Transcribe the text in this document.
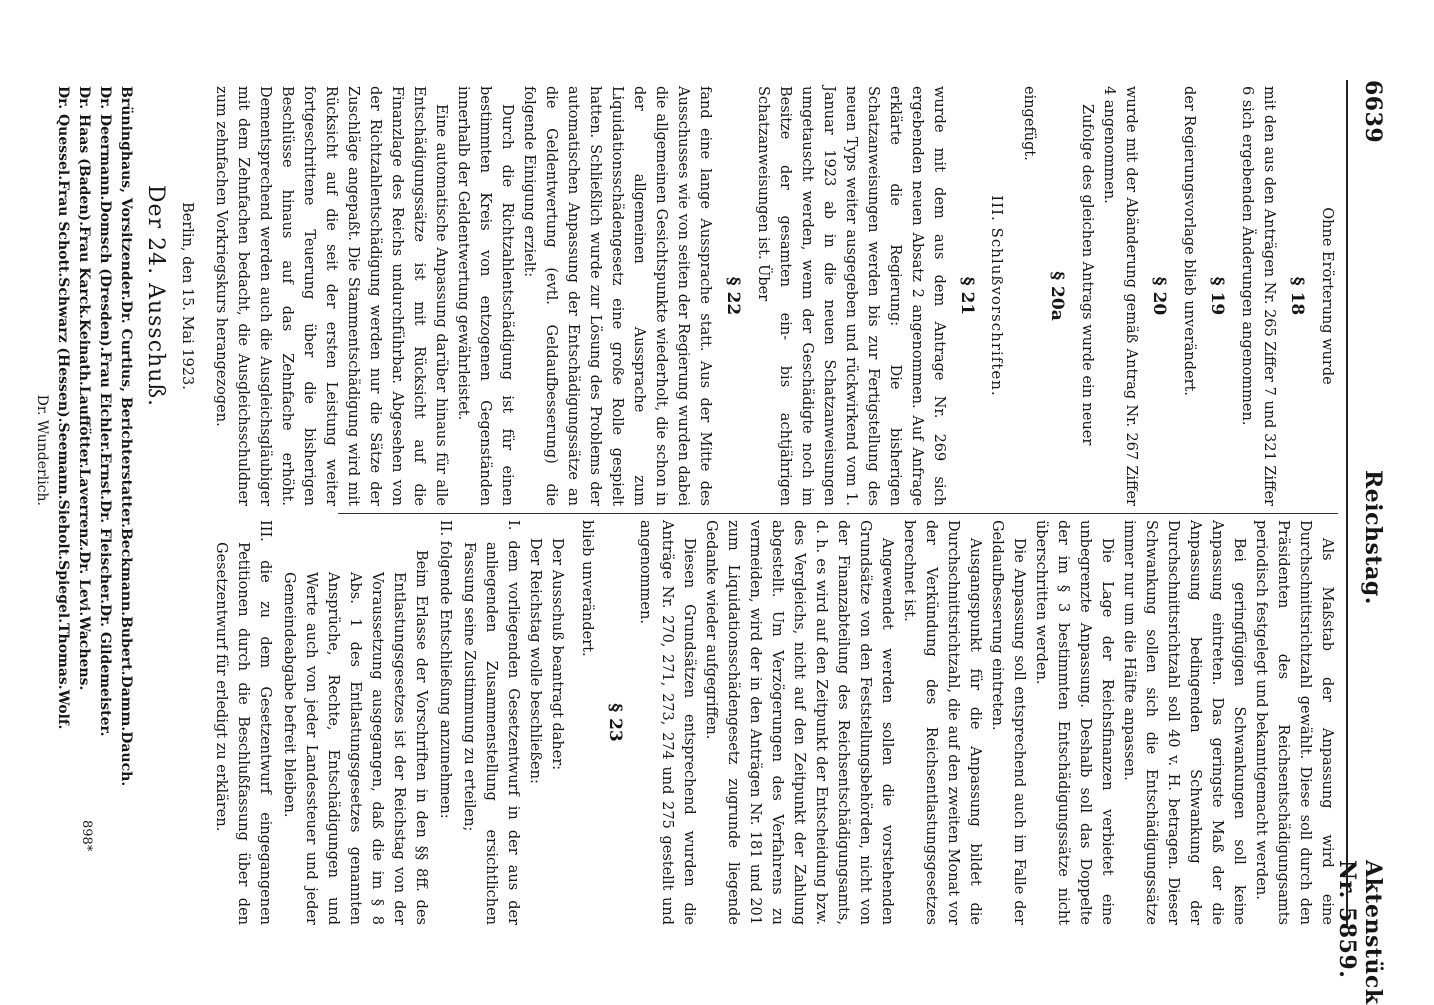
6639
Reichstag.
Aktenstück Nr. 5859.

Ohne Erörterung wurde

§ 18

mit den aus den Anträgen Nr. 265 Ziffer 7 und 321 Ziffer 6 sich ergebenden Änderungen angenommen.

§ 19

der Regierungsvorlage blieb unverändert.

§ 20

wurde mit der Abänderung gemäß Antrag Nr. 267 Ziffer 4 angenommen.

Zufolge des gleichen Antrags wurde ein neuer

§ 20a

eingefügt.

III. Schlußvorschriften.
§ 21

wurde mit dem aus dem Antrage Nr. 269 sich ergebenden neuen Absatz 2 angenommen. Auf Anfrage erklärte die Regierung: Die bisherigen Schatzanweisungen werden bis zur Fertigstellung des neuen Typs weiter ausgegeben und rückwirkend vom 1. Januar 1923 ab in die neuen Schatzanweisungen umgetauscht werden, wenn der Geschädigte noch im Besitze der gesamten ein- bis achtjährigen Schatzanweisungen ist. Über

§ 22

fand eine lange Aussprache statt. Aus der Mitte des Ausschusses wie von seiten der Regierung wurden dabei die allgemeinen Gesichtspunkte wiederholt, die schon in der allgemeinen Aussprache zum Liquidationsschädengesetz eine große Rolle gespielt hatten. Schließlich wurde zur Lösung des Problems der automatischen Anpassung der Entschädigungssätze an die Geldentwertung (evtl. Geldaufbesserung) die folgende Einigung erzielt:

Durch die Richtzahlentschädigung ist für einen bestimmten Kreis von entzogenen Gegenständen innerhalb der Geldentwertung gewährleistet.

Eine automatische Anpassung darüber hinaus für alle Entschädigungssätze ist mit Rücksicht auf die Finanzlage des Reichs undurchführbar. Abgesehen von der Richtzahlentschädigung werden nur die Sätze der Zuschläge angepaßt. Die Stammentschädigung wird mit Rücksicht auf die seit der ersten Leistung weiter fortgeschrittene Teuerung über die bisherigen Beschlüsse hinaus auf das Zehnfache erhöht. Dementsprechend werden auch die Ausgleichsgläubiger mit dem Zehnfachen bedacht, die Ausgleichsschuldner zum zehnfachen Vorkriegskurs herangezogen.

Berlin, den 15. Mai 1923.
Der 24. Ausschuß.
Brüninghaus, Vorsitzender.
Dr. Curtius, Berichterstatter.
Beckmann.
Bubert.
Damm.
Dauch.
Dr. Deermann.
Domsch (Dresden).
Frau Eichler.
Ernst.
Dr. Fleischer.
Dr. Gildemeister.
Dr. Haas (Baden).
Frau Karck.
Keinath.
Lauffötter.
Laverrenz.
Dr. Levi.
Wachens.
Dr. Quessel.
Frau Schott.
Schwarz (Hessen).
Seemann.
Sieholt.
Spiegel.
Thomas.
Wolf.
Dr. Wunderlich.

Als Maßstab der Anpassung wird eine Durchschnittsrichtzahl gewählt. Diese soll durch den Präsidenten des Reichsentschädigungsamts periodisch festgelegt und bekanntgemacht werden.

Bei geringfügigen Schwankungen soll keine Anpassung eintreten. Das geringste Maß der die Anpassung bedingenden Schwankung der Durchschnittsrichtzahl soll 40 v. H. betragen. Dieser Schwankung sollen sich die Entschädigungssätze immer nur um die Hälfte anpassen.

Die Lage der Reichsfinanzen verbietet eine unbegrenzte Anpassung. Deshalb soll das Doppelte der im § 3 bestimmten Entschädigungssätze nicht überschritten werden.

Die Anpassung soll entsprechend auch im Falle der Geldaufbesserung eintreten.

Ausgangspunkt für die Anpassung bildet die Durchschnittsrichtzahl, die auf den zweiten Monat vor der Verkündung des Reichsentlastungsgesetzes berechnet ist.

Angewendet werden sollen die vorstehenden Grundsätze von den Feststellungsbehörden, nicht von der Finanzabteilung des Reichsentschädigungsamts, d. h. es wird auf den Zeitpunkt der Entscheidung bzw. des Vergleichs, nicht auf den Zeitpunkt der Zahlung abgestellt. Um Verzögerungen des Verfahrens zu vermeiden, wird der in den Anträgen Nr. 181 und 201 zum Liquidationsschädengesetz zugrunde liegende Gedanke wieder aufgegriffen.

Diesen Grundsätzen entsprechend wurden die Anträge Nr. 270, 271, 273, 274 und 275 gestellt und angenommen.

§ 23

blieb unverändert.

Der Ausschuß beantragt daher:

Der Reichstag wolle beschließen:

I. dem vorliegenden Gesetzentwurf in der aus der anliegenden Zusammenstellung ersichtlichen Fassung seine Zustimmung zu erteilen;
II. folgende Entschließung anzunehmen:
Beim Erlasse der Vorschriften in den §§ 8ff. des Entlastungsgesetzes ist der Reichstag von der Voraussetzung ausgegangen, daß die im § 8 Abs. 1 des Entlastungsgesetzes genannten Ansprüche, Rechte, Entschädigungen und Werte auch von jeder Landessteuer und jeder Gemeindeabgabe befreit bleiben.
III. die zu dem Gesetzentwurf eingegangenen Petitionen durch die Beschlußfassung über den Gesetzentwurf für erledigt zu erklären.
898*
